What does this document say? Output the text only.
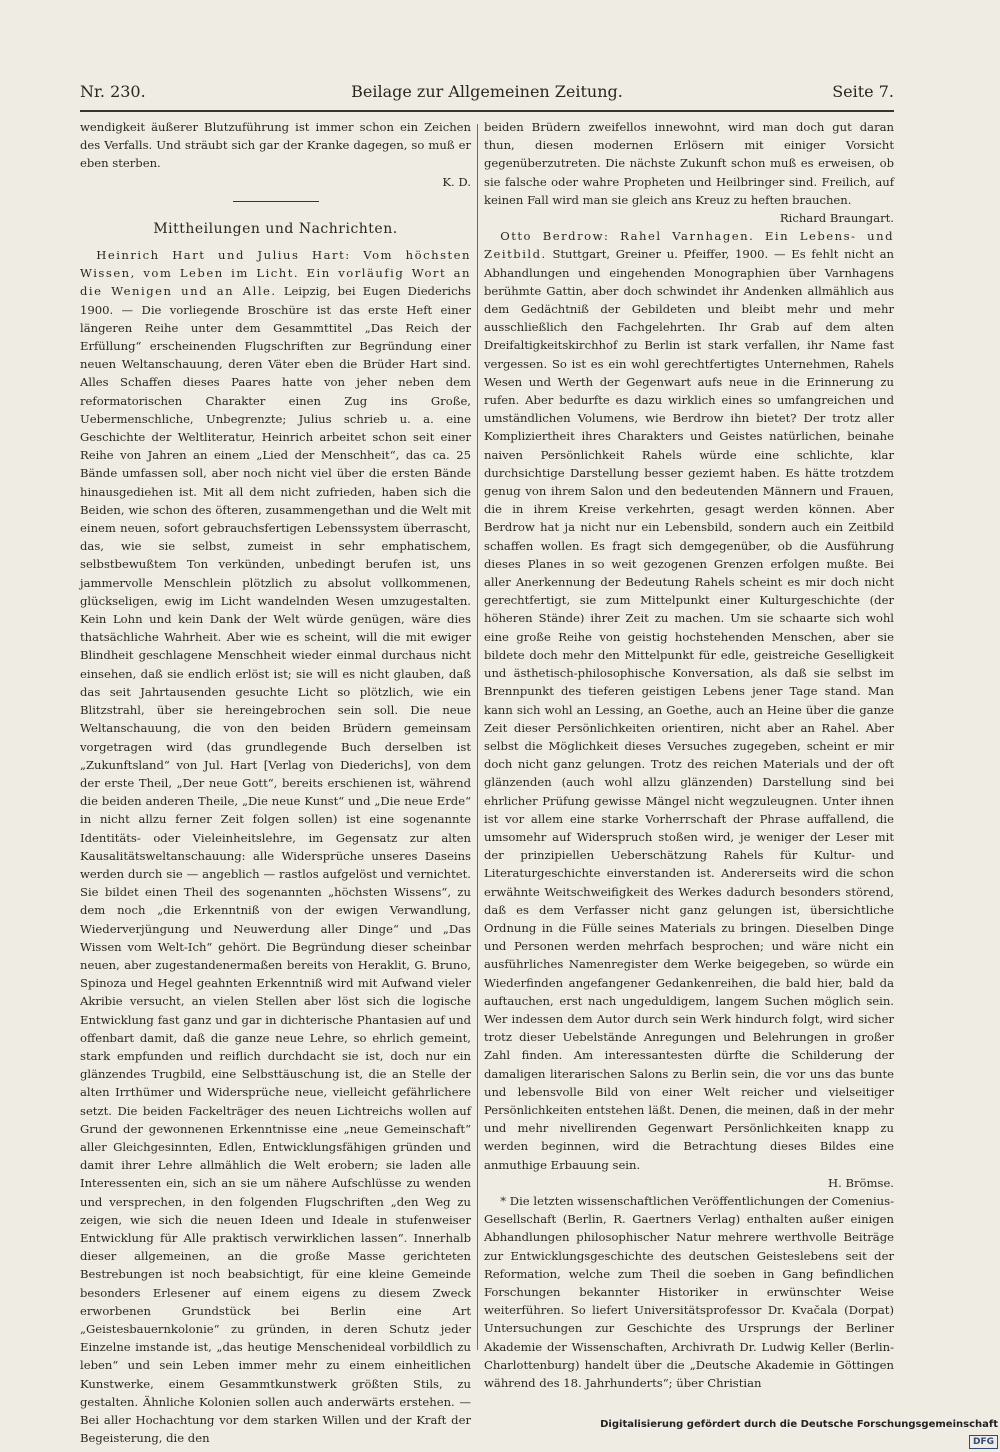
Nr. 230.	Beilage zur Allgemeinen Zeitung.	Seite 7.

wendigkeit äußerer Blutzuführung ist immer schon ein Zeichen des Verfalls. Und sträubt sich gar der Kranke dagegen, so muß er eben sterben.

K. D.
Mittheilungen und Nachrichten.

Heinrich Hart und Julius Hart: Vom höchsten Wissen, vom Leben im Licht. Ein vorläufig Wort an die Wenigen und an Alle. Leipzig, bei Eugen Diederichs 1900. — Die vorliegende Broschüre ist das erste Heft einer längeren Reihe unter dem Gesammttitel „Das Reich der Erfüllung“ erscheinenden Flugschriften zur Begründung einer neuen Weltanschauung, deren Väter eben die Brüder Hart sind. Alles Schaffen dieses Paares hatte von jeher neben dem reformatorischen Charakter einen Zug ins Große, Uebermenschliche, Unbegrenzte; Julius schrieb u. a. eine Geschichte der Weltliteratur, Heinrich arbeitet schon seit einer Reihe von Jahren an einem „Lied der Menschheit“, das ca. 25 Bände umfassen soll, aber noch nicht viel über die ersten Bände hinausgediehen ist. Mit all dem nicht zufrieden, haben sich die Beiden, wie schon des öfteren, zusammengethan und die Welt mit einem neuen, sofort gebrauchsfertigen Lebenssystem überrascht, das, wie sie selbst, zumeist in sehr emphatischem, selbstbewußtem Ton verkünden, unbedingt berufen ist, uns jammervolle Menschlein plötzlich zu absolut vollkommenen, glückseligen, ewig im Licht wandelnden Wesen umzugestalten. Kein Lohn und kein Dank der Welt würde genügen, wäre dies thatsächliche Wahrheit. Aber wie es scheint, will die mit ewiger Blindheit geschlagene Menschheit wieder einmal durchaus nicht einsehen, daß sie endlich erlöst ist; sie will es nicht glauben, daß das seit Jahrtausenden gesuchte Licht so plötzlich, wie ein Blitzstrahl, über sie hereingebrochen sein soll. Die neue Weltanschauung, die von den beiden Brüdern gemeinsam vorgetragen wird (das grundlegende Buch derselben ist „Zukunftsland“ von Jul. Hart [Verlag von Diederichs], von dem der erste Theil, „Der neue Gott“, bereits erschienen ist, während die beiden anderen Theile, „Die neue Kunst“ und „Die neue Erde“ in nicht allzu ferner Zeit folgen sollen) ist eine sogenannte Identitäts- oder Vieleinheitslehre, im Gegensatz zur alten Kausalitätsweltanschauung: alle Widersprüche unseres Daseins werden durch sie — angeblich — rastlos aufgelöst und vernichtet. Sie bildet einen Theil des sogenannten „höchsten Wissens“, zu dem noch „die Erkenntniß von der ewigen Verwandlung, Wiederverjüngung und Neuwerdung aller Dinge“ und „Das Wissen vom Welt-Ich“ gehört. Die Begründung dieser scheinbar neuen, aber zugestandenermaßen bereits von Heraklit, G. Bruno, Spinoza und Hegel geahnten Erkenntniß wird mit Aufwand vieler Akribie versucht, an vielen Stellen aber löst sich die logische Entwicklung fast ganz und gar in dichterische Phantasien auf und offenbart damit, daß die ganze neue Lehre, so ehrlich gemeint, stark empfunden und reiflich durchdacht sie ist, doch nur ein glänzendes Trugbild, eine Selbsttäuschung ist, die an Stelle der alten Irrthümer und Widersprüche neue, vielleicht gefährlichere setzt. Die beiden Fackelträger des neuen Lichtreichs wollen auf Grund der gewonnenen Erkenntnisse eine „neue Gemeinschaft“ aller Gleichgesinnten, Edlen, Entwicklungsfähigen gründen und damit ihrer Lehre allmählich die Welt erobern; sie laden alle Interessenten ein, sich an sie um nähere Aufschlüsse zu wenden und versprechen, in den folgenden Flugschriften „den Weg zu zeigen, wie sich die neuen Ideen und Ideale in stufenweiser Entwicklung für Alle praktisch verwirklichen lassen“. Innerhalb dieser allgemeinen, an die große Masse gerichteten Bestrebungen ist noch beabsichtigt, für eine kleine Gemeinde besonders Erlesener auf einem eigens zu diesem Zweck erworbenen Grundstück bei Berlin eine Art „Geistesbauernkolonie“ zu gründen, in deren Schutz jeder Einzelne imstande ist, „das heutige Menschenideal vorbildlich zu leben“ und sein Leben immer mehr zu einem einheitlichen Kunstwerke, einem Gesammtkunstwerk größten Stils, zu gestalten. Ähnliche Kolonien sollen auch anderwärts erstehen. — Bei aller Hochachtung vor dem starken Willen und der Kraft der Begeisterung, die den

beiden Brüdern zweifellos innewohnt, wird man doch gut daran thun, diesen modernen Erlösern mit einiger Vorsicht gegenüberzutreten. Die nächste Zukunft schon muß es erweisen, ob sie falsche oder wahre Propheten und Heilbringer sind. Freilich, auf keinen Fall wird man sie gleich ans Kreuz zu heften brauchen.

Richard Braungart.

Otto Berdrow: Rahel Varnhagen. Ein Lebens- und Zeitbild. Stuttgart, Greiner u. Pfeiffer, 1900. — Es fehlt nicht an Abhandlungen und eingehenden Monographien über Varnhagens berühmte Gattin, aber doch schwindet ihr Andenken allmählich aus dem Gedächtniß der Gebildeten und bleibt mehr und mehr ausschließlich den Fachgelehrten. Ihr Grab auf dem alten Dreifaltigkeitskirchhof zu Berlin ist stark verfallen, ihr Name fast vergessen. So ist es ein wohl gerechtfertigtes Unternehmen, Rahels Wesen und Werth der Gegenwart aufs neue in die Erinnerung zu rufen. Aber bedurfte es dazu wirklich eines so umfangreichen und umständlichen Volumens, wie Berdrow ihn bietet? Der trotz aller Kompliziertheit ihres Charakters und Geistes natürlichen, beinahe naiven Persönlichkeit Rahels würde eine schlichte, klar durchsichtige Darstellung besser geziemt haben. Es hätte trotzdem genug von ihrem Salon und den bedeutenden Männern und Frauen, die in ihrem Kreise verkehrten, gesagt werden können. Aber Berdrow hat ja nicht nur ein Lebensbild, sondern auch ein Zeitbild schaffen wollen. Es fragt sich demgegenüber, ob die Ausführung dieses Planes in so weit gezogenen Grenzen erfolgen mußte. Bei aller Anerkennung der Bedeutung Rahels scheint es mir doch nicht gerechtfertigt, sie zum Mittelpunkt einer Kulturgeschichte (der höheren Stände) ihrer Zeit zu machen. Um sie schaarte sich wohl eine große Reihe von geistig hochstehenden Menschen, aber sie bildete doch mehr den Mittelpunkt für edle, geistreiche Geselligkeit und ästhetisch-philosophische Konversation, als daß sie selbst im Brennpunkt des tieferen geistigen Lebens jener Tage stand. Man kann sich wohl an Lessing, an Goethe, auch an Heine über die ganze Zeit dieser Persönlichkeiten orientiren, nicht aber an Rahel. Aber selbst die Möglichkeit dieses Versuches zugegeben, scheint er mir doch nicht ganz gelungen. Trotz des reichen Materials und der oft glänzenden (auch wohl allzu glänzenden) Darstellung sind bei ehrlicher Prüfung gewisse Mängel nicht wegzuleugnen. Unter ihnen ist vor allem eine starke Vorherrschaft der Phrase auffallend, die umsomehr auf Widerspruch stoßen wird, je weniger der Leser mit der prinzipiellen Ueberschätzung Rahels für Kultur- und Literaturgeschichte einverstanden ist. Andererseits wird die schon erwähnte Weitschweifigkeit des Werkes dadurch besonders störend, daß es dem Verfasser nicht ganz gelungen ist, übersichtliche Ordnung in die Fülle seines Materials zu bringen. Dieselben Dinge und Personen werden mehrfach besprochen; und wäre nicht ein ausführliches Namenregister dem Werke beigegeben, so würde ein Wiederfinden angefangener Gedankenreihen, die bald hier, bald da auftauchen, erst nach ungeduldigem, langem Suchen möglich sein. Wer indessen dem Autor durch sein Werk hindurch folgt, wird sicher trotz dieser Uebelstände Anregungen und Belehrungen in großer Zahl finden. Am interessantesten dürfte die Schilderung der damaligen literarischen Salons zu Berlin sein, die vor uns das bunte und lebensvolle Bild von einer Welt reicher und vielseitiger Persönlichkeiten entstehen läßt. Denen, die meinen, daß in der mehr und mehr nivellirenden Gegenwart Persönlichkeiten knapp zu werden beginnen, wird die Betrachtung dieses Bildes eine anmuthige Erbauung sein.

H. Brömse.

* Die letzten wissenschaftlichen Veröffentlichungen der Comenius-Gesellschaft (Berlin, R. Gaertners Verlag) enthalten außer einigen Abhandlungen philosophischer Natur mehrere werthvolle Beiträge zur Entwicklungsgeschichte des deutschen Geisteslebens seit der Reformation, welche zum Theil die soeben in Gang befindlichen Forschungen bekannter Historiker in erwünschter Weise weiterführen. So liefert Universitätsprofessor Dr. Kvačala (Dorpat) Untersuchungen zur Geschichte des Ursprungs der Berliner Akademie der Wissenschaften, Archivrath Dr. Ludwig Keller (Berlin-Charlottenburg) handelt über die „Deutsche Akademie in Göttingen während des 18. Jahrhunderts“; über Christian

Digitalisierung gefördert durch die Deutsche Forschungsgemeinschaft DFG
